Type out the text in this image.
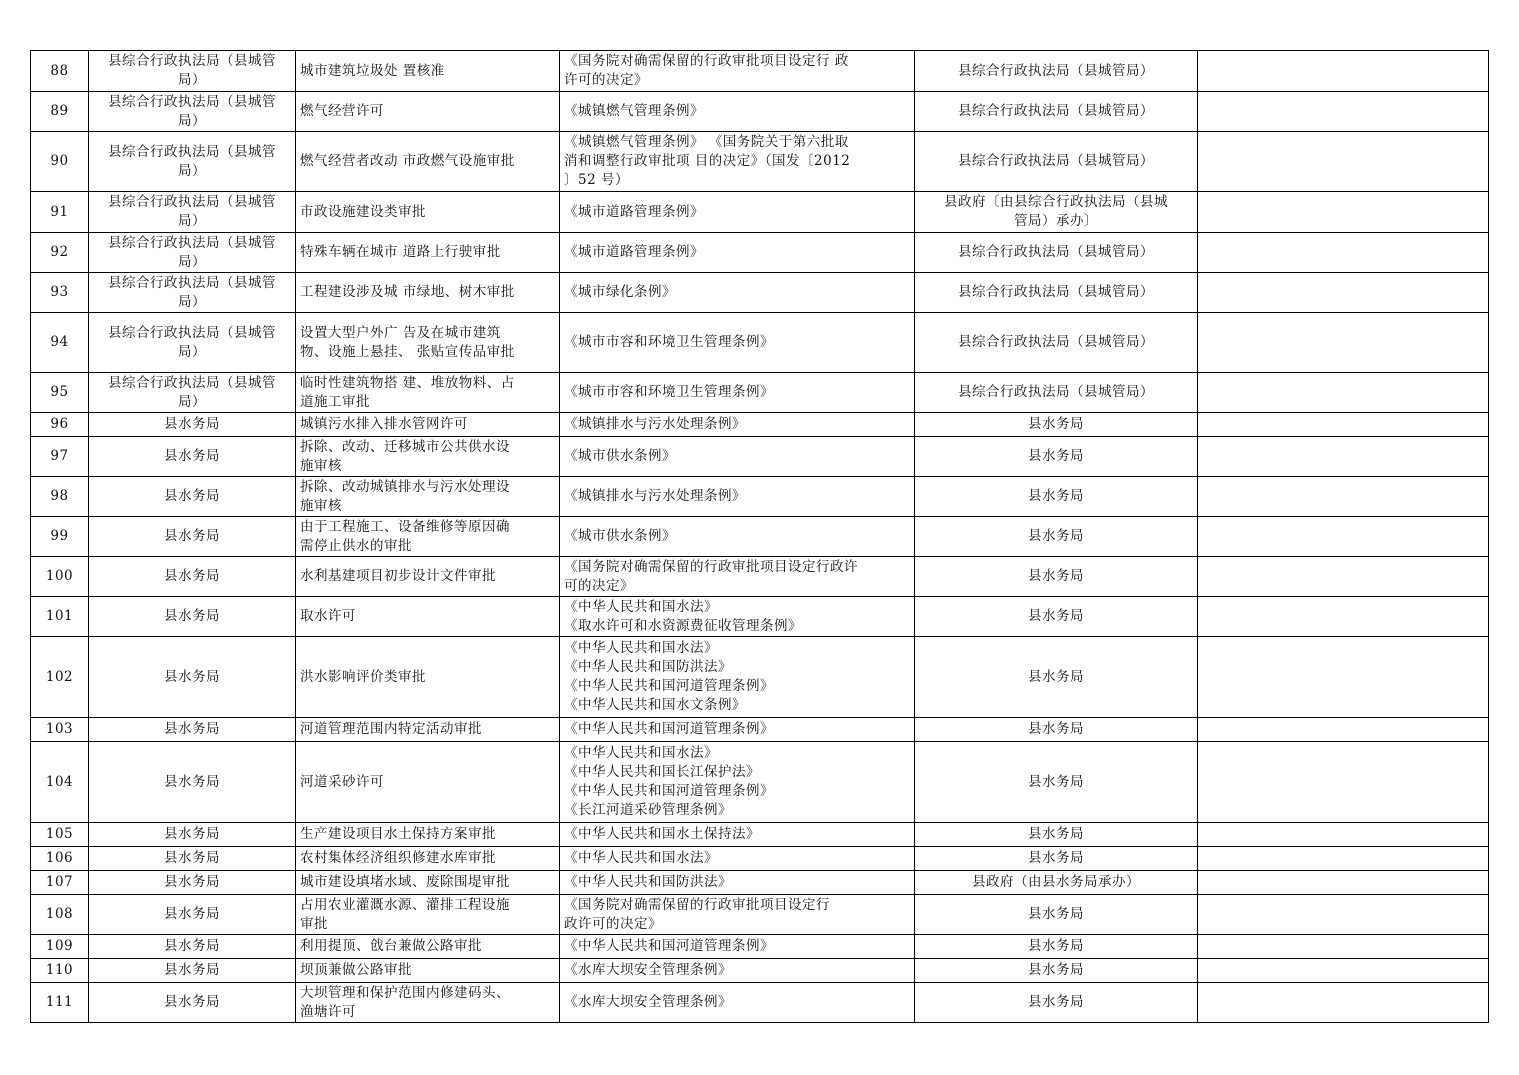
88	县综合行政执法局（县城管
局）	城市建筑垃圾处 置核准	《国务院对确需保留的行政审批项目设定行 政
许可的决定》	县综合行政执法局（县城管局）	

89	县综合行政执法局（县城管
局）	燃气经营许可	《城镇燃气管理条例》	县综合行政执法局（县城管局）	

90	县综合行政执法局（县城管
局）	燃气经营者改动 市政燃气设施审批	《城镇燃气管理条例》 《国务院关于第六批取
消和调整行政审批项 目的决定》（国发〔2012
〕52 号）	县综合行政执法局（县城管局）	

91	县综合行政执法局（县城管
局）	市政设施建设类审批	《城市道路管理条例》	县政府〔由县综合行政执法局（县城
管局）承办〕	

92	县综合行政执法局（县城管
局）	特殊车辆在城市 道路上行驶审批	《城市道路管理条例》	县综合行政执法局（县城管局）	

93	县综合行政执法局（县城管
局）	工程建设涉及城 市绿地、树木审批	《城市绿化条例》	县综合行政执法局（县城管局）	

94	县综合行政执法局（县城管
局）	设置大型户外广 告及在城市建筑
物、设施上悬挂、 张贴宣传品审批	《城市市容和环境卫生管理条例》	县综合行政执法局（县城管局）	

95	县综合行政执法局（县城管
局）	临时性建筑物搭 建、堆放物料、占
道施工审批	《城市市容和环境卫生管理条例》	县综合行政执法局（县城管局）	

96	县水务局	城镇污水排入排水管网许可	《城镇排水与污水处理条例》	县水务局	

97	县水务局	拆除、改动、迁移城市公共供水设
施审核	《城市供水条例》	县水务局	

98	县水务局	拆除、改动城镇排水与污水处理设
施审核	《城镇排水与污水处理条例》	县水务局	

99	县水务局	由于工程施工、设备维修等原因确
需停止供水的审批	《城市供水条例》	县水务局	

100	县水务局	水利基建项目初步设计文件审批	《国务院对确需保留的行政审批项目设定行政许
可的决定》	县水务局	

101	县水务局	取水许可	《中华人民共和国水法》
《取水许可和水资源费征收管理条例》	县水务局	

102	县水务局	洪水影响评价类审批	《中华人民共和国水法》
《中华人民共和国防洪法》
《中华人民共和国河道管理条例》
《中华人民共和国水文条例》	县水务局	

103	县水务局	河道管理范围内特定活动审批	《中华人民共和国河道管理条例》	县水务局	

104	县水务局	河道采砂许可	《中华人民共和国水法》
《中华人民共和国长江保护法》
《中华人民共和国河道管理条例》
《长江河道采砂管理条例》	县水务局	

105	县水务局	生产建设项目水土保持方案审批	《中华人民共和国水土保持法》	县水务局	

106	县水务局	农村集体经济组织修建水库审批	《中华人民共和国水法》	县水务局	

107	县水务局	城市建设填堵水域、废除围堤审批	《中华人民共和国防洪法》	县政府（由县水务局承办）	

108	县水务局	占用农业灌溉水源、灌排工程设施
审批	《国务院对确需保留的行政审批项目设定行
政许可的决定》	县水务局	

109	县水务局	利用提顶、戗台兼做公路审批	《中华人民共和国河道管理条例》	县水务局	

110	县水务局	坝顶兼做公路审批	《水库大坝安全管理条例》	县水务局	

111	县水务局	大坝管理和保护范围内修建码头、
渔塘许可	《水库大坝安全管理条例》	县水务局	
